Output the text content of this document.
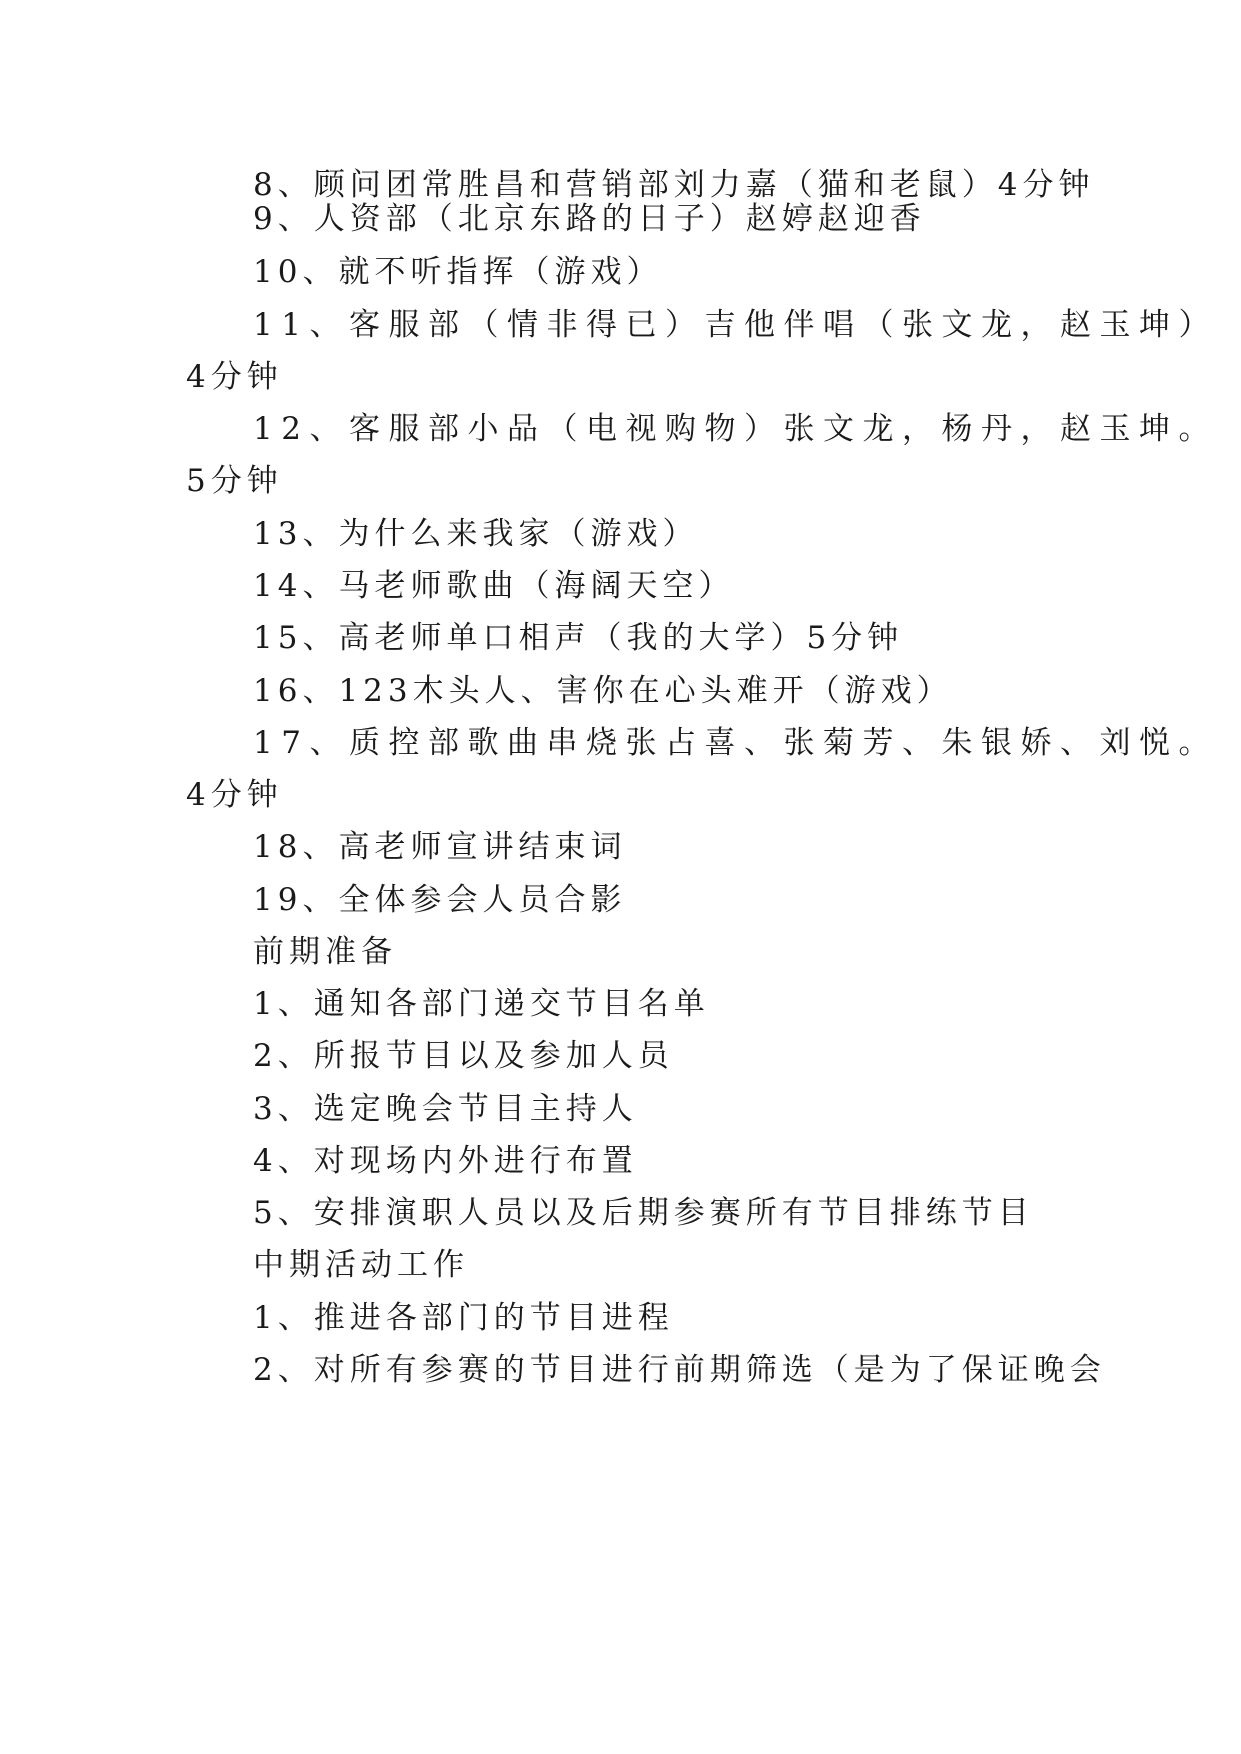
8、顾问团常胜昌和营销部刘力嘉（猫和老鼠）4分钟
9、人资部（北京东路的日子）赵婷赵迎香
10、就不听指挥（游戏）
11、客服部（情非得已）吉他伴唱（张文龙，赵玉坤）
4分钟
12、客服部小品（电视购物）张文龙，杨丹，赵玉坤。
5分钟
13、为什么来我家（游戏）
14、马老师歌曲（海阔天空）
15、高老师单口相声（我的大学）5分钟
16、123木头人、害你在心头难开（游戏）
17、质控部歌曲串烧张占喜、张菊芳、朱银娇、刘悦。
4分钟
18、高老师宣讲结束词
19、全体参会人员合影
前期准备
1、通知各部门递交节目名单
2、所报节目以及参加人员
3、选定晚会节目主持人
4、对现场内外进行布置
5、安排演职人员以及后期参赛所有节目排练节目
中期活动工作
1、推进各部门的节目进程
2、对所有参赛的节目进行前期筛选（是为了保证晚会
